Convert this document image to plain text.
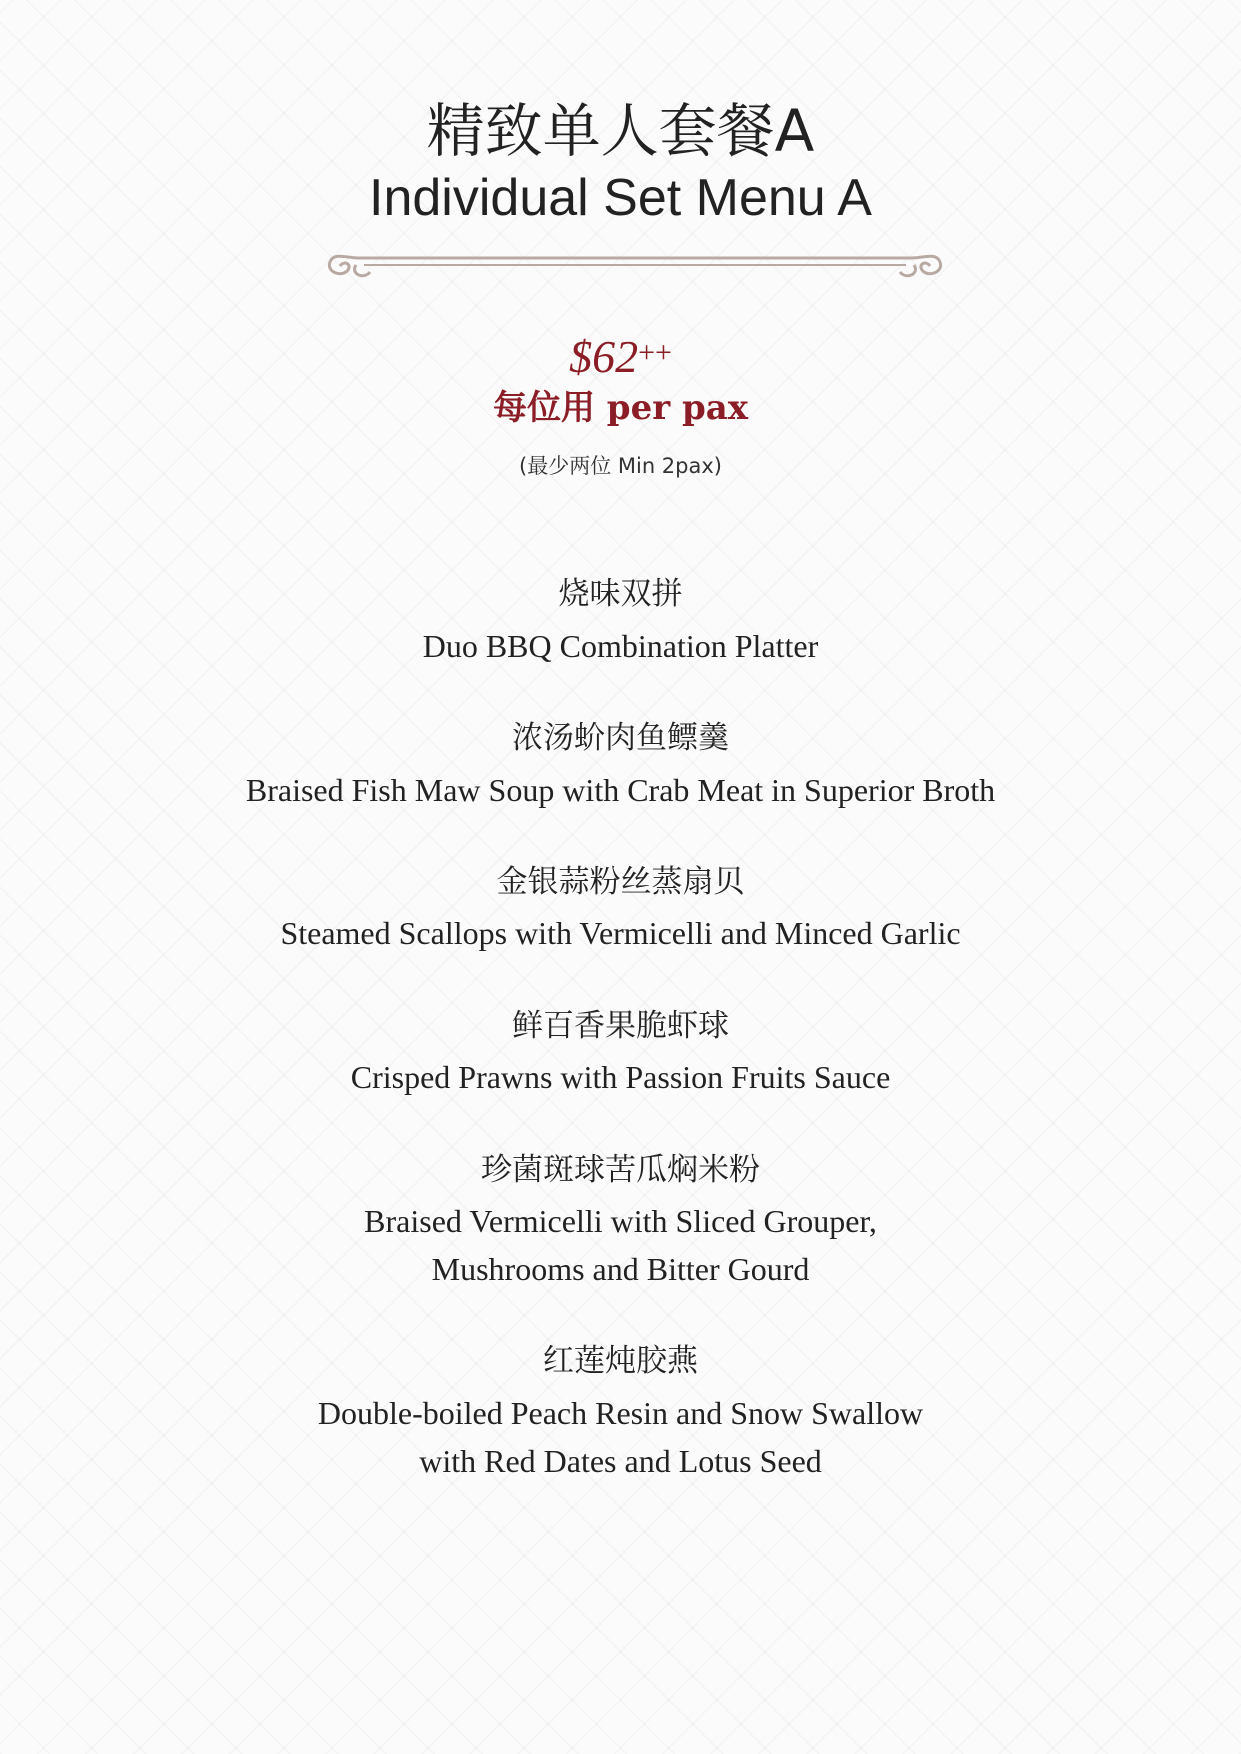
精致单人套餐A
Individual Set Menu A
$62++
每位用 per pax
(最少两位 Min 2pax)
烧味双拼
Duo BBQ Combination Platter
浓汤蚧肉鱼鳔羹
Braised Fish Maw Soup with Crab Meat in Superior Broth
金银蒜粉丝蒸扇贝
Steamed Scallops with Vermicelli and Minced Garlic
鲜百香果脆虾球
Crisped Prawns with Passion Fruits Sauce
珍菌斑球苦瓜焖米粉
Braised Vermicelli with Sliced Grouper,
Mushrooms and Bitter Gourd
红莲炖胶燕
Double-boiled Peach Resin and Snow Swallow
with Red Dates and Lotus Seed
